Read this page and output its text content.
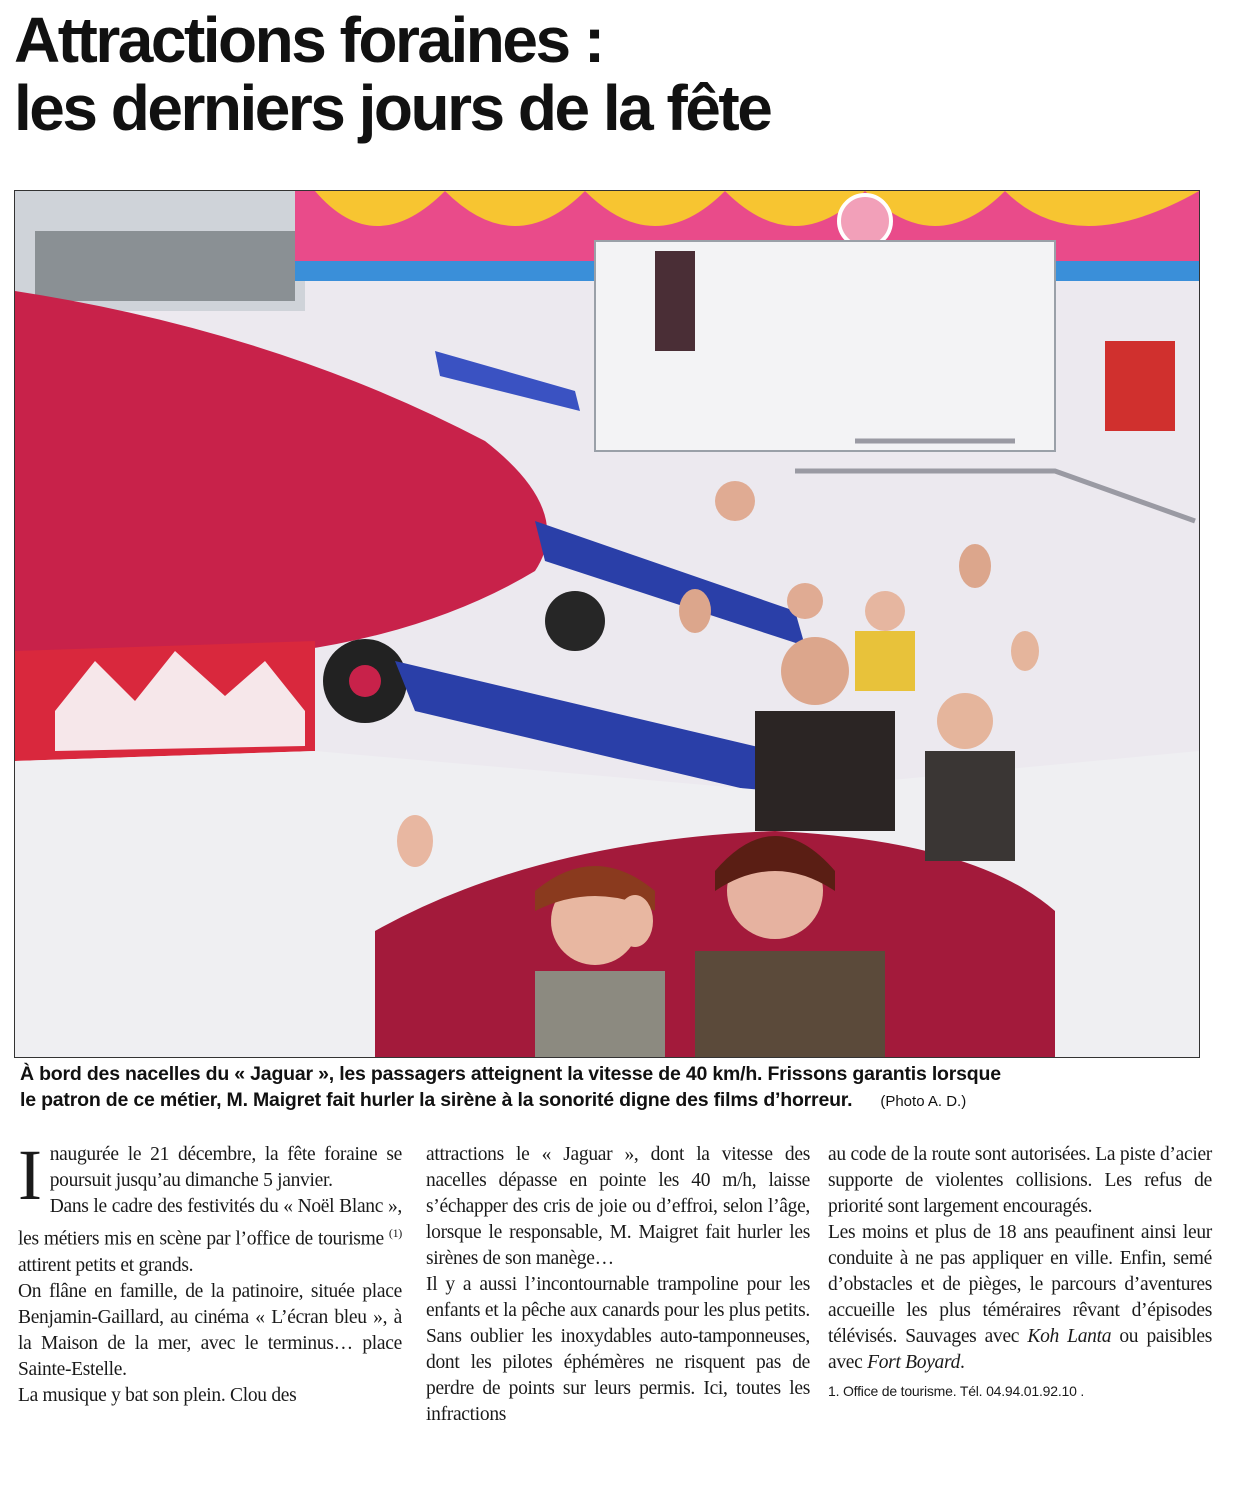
Attractions foraines :
les derniers jours de la fête
À bord des nacelles du « Jaguar », les passagers atteignent la vitesse de 40 km/h. Frissons garantis lorsque
le patron de ce métier, M. Maigret fait hurler la sirène à la sonorité digne des films d’horreur. (Photo A. D.)

Inaugurée le 21 décembre, la fête foraine se poursuit jusqu’au dimanche 5 janvier.

Dans le cadre des festivités du « Noël Blanc », les métiers mis en scène par l’office de tourisme $^{(1)}$ attirent petits et grands.

On flâne en famille, de la patinoire, située place Benjamin-Gaillard, au cinéma « L’écran bleu », à la Maison de la mer, avec le terminus… place Sainte-Estelle.

La musique y bat son plein. Clou des

attractions le « Jaguar », dont la vitesse des nacelles dépasse en pointe les 40 m/h, laisse s’échapper des cris de joie ou d’effroi, selon l’âge, lorsque le responsable, M. Maigret fait hurler les sirènes de son manège…

Il y a aussi l’incontournable trampoline pour les enfants et la pêche aux canards pour les plus petits. Sans oublier les inoxydables auto-tamponneuses, dont les pilotes éphémères ne risquent pas de perdre de points sur leurs permis. Ici, toutes les infractions

au code de la route sont autorisées. La piste d’acier supporte de violentes collisions. Les refus de priorité sont largement encouragés.

Les moins et plus de 18 ans peaufinent ainsi leur conduite à ne pas appliquer en ville. Enfin, semé d’obstacles et de pièges, le parcours d’aventures accueille les plus téméraires rêvant d’épisodes télévisés. Sauvages avec Koh Lanta ou paisibles avec Fort Boyard.

1. Office de tourisme. Tél. 04.94.01.92.10 .
